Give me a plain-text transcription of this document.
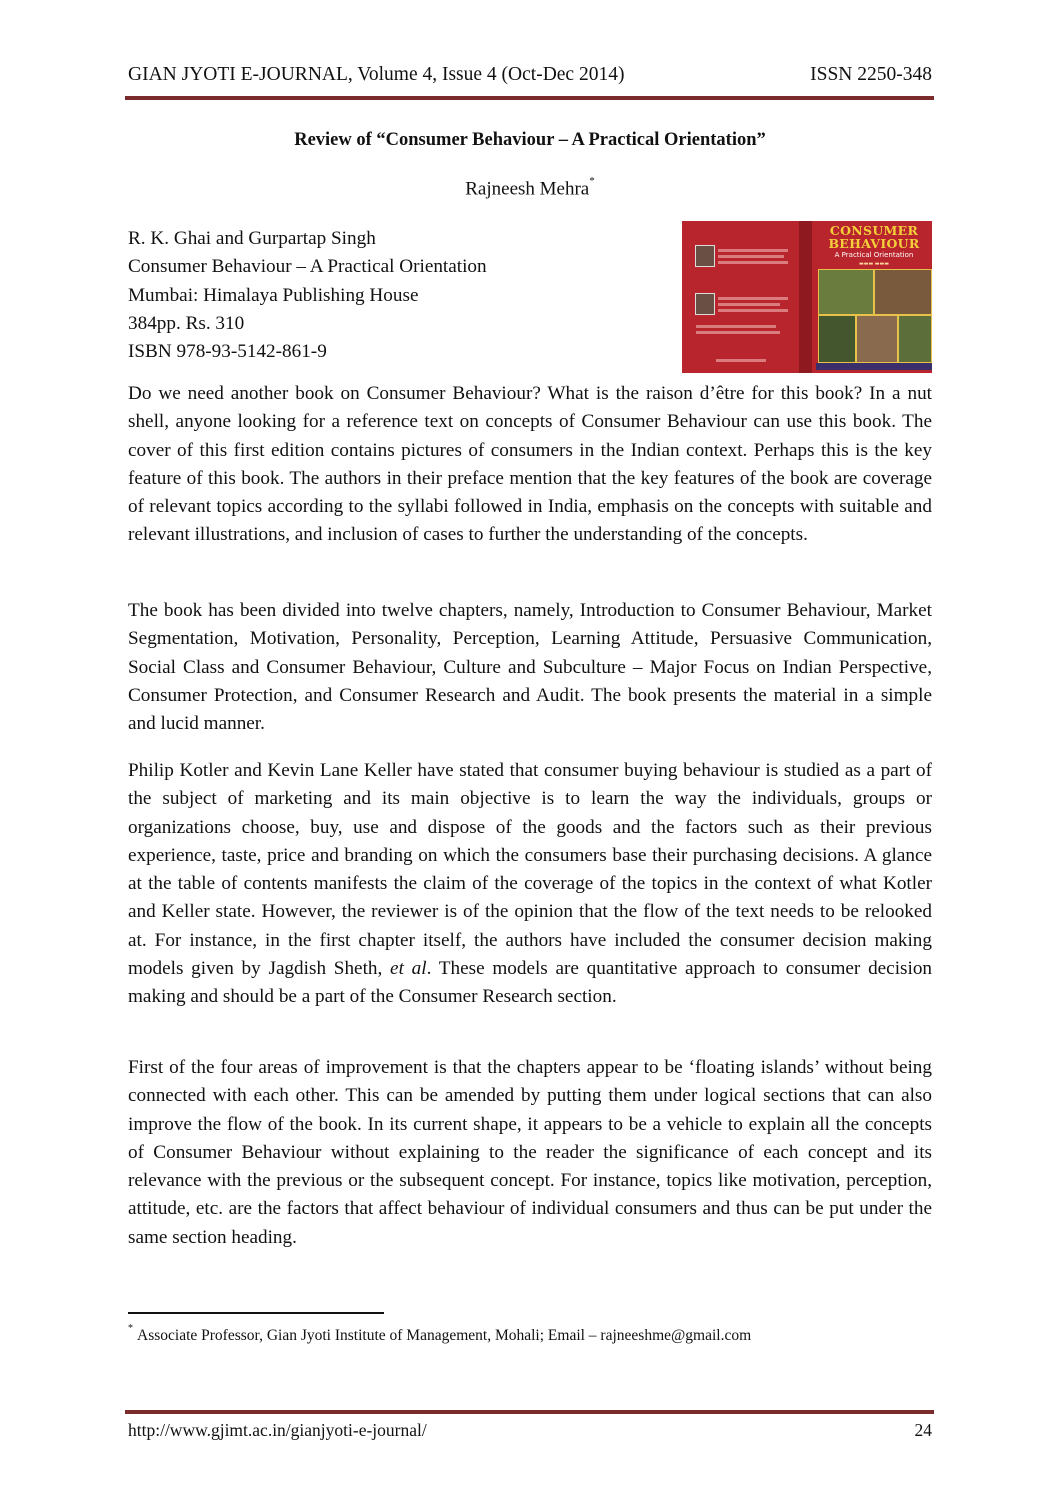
GIAN JYOTI E-JOURNAL, Volume 4, Issue 4 (Oct-Dec 2014)	ISSN 2250-348
Review of “Consumer Behaviour – A Practical Orientation”
Rajneesh Mehra*
R. K. Ghai and Gurpartap Singh
Consumer Behaviour – A Practical Orientation
Mumbai: Himalaya Publishing House
384pp. Rs. 310
ISBN 978-93-5142-861-9
CONSUMER
BEHAVIOUR
A Practical Orientation
▬▬▬ ▬▬▬

Do we need another book on Consumer Behaviour? What is the raison d’être for this book? In a nut shell, anyone looking for a reference text on concepts of Consumer Behaviour can use this book. The cover of this first edition contains pictures of consumers in the Indian context. Perhaps this is the key feature of this book. The authors in their preface mention that the key features of the book are coverage of relevant topics according to the syllabi followed in India, emphasis on the concepts with suitable and relevant illustrations, and inclusion of cases to further the understanding of the concepts.

The book has been divided into twelve chapters, namely, Introduction to Consumer Behaviour, Market Segmentation, Motivation, Personality, Perception, Learning Attitude, Persuasive Communication, Social Class and Consumer Behaviour, Culture and Subculture – Major Focus on Indian Perspective, Consumer Protection, and Consumer Research and Audit. The book presents the material in a simple and lucid manner.

Philip Kotler and Kevin Lane Keller have stated that consumer buying behaviour is studied as a part of the subject of marketing and its main objective is to learn the way the individuals, groups or organizations choose, buy, use and dispose of the goods and the factors such as their previous experience, taste, price and branding on which the consumers base their purchasing decisions. A glance at the table of contents manifests the claim of the coverage of the topics in the context of what Kotler and Keller state. However, the reviewer is of the opinion that the flow of the text needs to be relooked at. For instance, in the first chapter itself, the authors have included the consumer decision making models given by Jagdish Sheth, et al. These models are quantitative approach to consumer decision making and should be a part of the Consumer Research section.

First of the four areas of improvement is that the chapters appear to be ‘floating islands’ without being connected with each other. This can be amended by putting them under logical sections that can also improve the flow of the book. In its current shape, it appears to be a vehicle to explain all the concepts of Consumer Behaviour without explaining to the reader the significance of each concept and its relevance with the previous or the subsequent concept. For instance, topics like motivation, perception, attitude, etc. are the factors that affect behaviour of individual consumers and thus can be put under the same section heading.

* Associate Professor, Gian Jyoti Institute of Management, Mohali; Email – rajneeshme@gmail.com
http://www.gjimt.ac.in/gianjyoti-e-journal/	24
